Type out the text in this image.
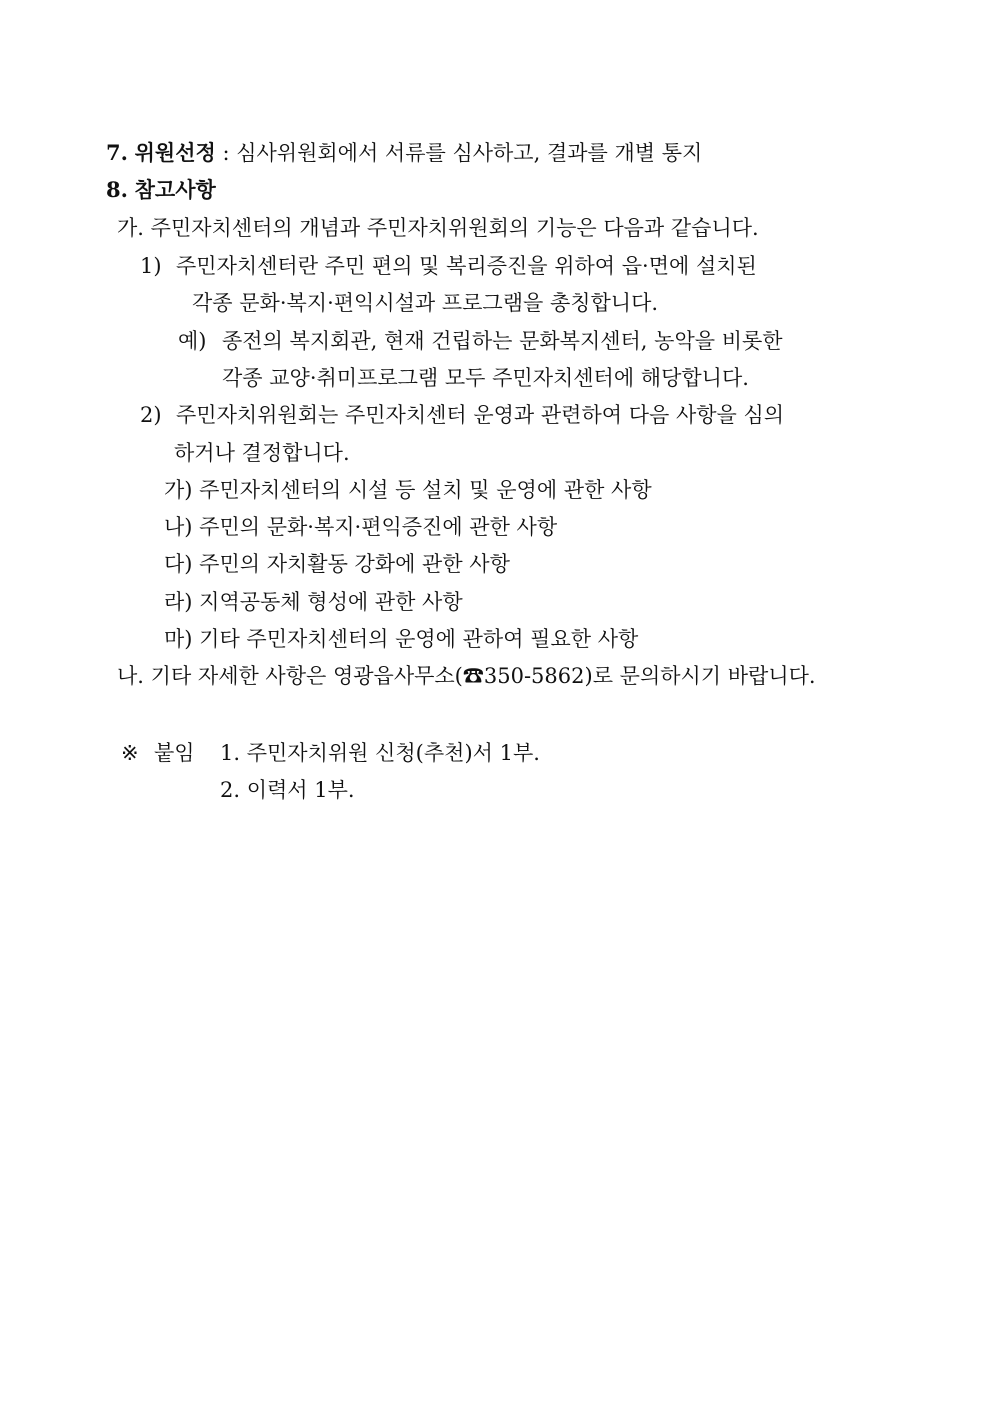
7. 위원선정 : 심사위원회에서 서류를 심사하고, 결과를 개별 통지
8. 참고사항
가. 주민자치센터의 개념과 주민자치위원회의 기능은 다음과 같습니다.
1) 주민자치센터란 주민 편의 및 복리증진을 위하여 읍·면에 설치된
각종 문화·복지·편익시설과 프로그램을 총칭합니다.
예) 종전의 복지회관, 현재 건립하는 문화복지센터, 농악을 비롯한
각종 교양·취미프로그램 모두 주민자치센터에 해당합니다.
2) 주민자치위원회는 주민자치센터 운영과 관련하여 다음 사항을 심의
하거나 결정합니다.
가) 주민자치센터의 시설 등 설치 및 운영에 관한 사항
나) 주민의 문화·복지·편익증진에 관한 사항
다) 주민의 자치활동 강화에 관한 사항
라) 지역공동체 형성에 관한 사항
마) 기타 주민자치센터의 운영에 관하여 필요한 사항
나. 기타 자세한 사항은 영광읍사무소(☎350-5862)로 문의하시기 바랍니다.
※ 붙임 1. 주민자치위원 신청(추천)서 1부.
2. 이력서 1부.
